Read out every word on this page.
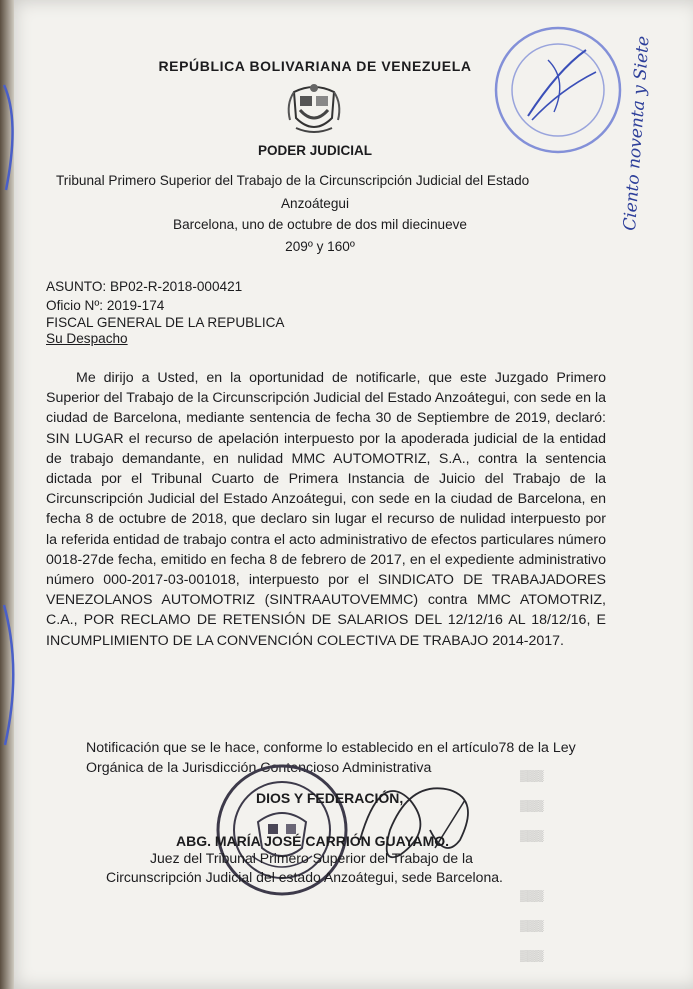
REPÚBLICA BOLIVARIANA DE VENEZUELA
PODER JUDICIAL
Tribunal Primero Superior del Trabajo de la Circunscripción Judicial del Estado
Anzoátegui
Barcelona, uno de octubre de dos mil diecinueve
209º y 160º
Ciento noventa y Siete
ASUNTO: BP02-R-2018-000421
Oficio Nº: 2019-174
FISCAL GENERAL DE LA REPUBLICA
Su Despacho
Me dirijo a Usted, en la oportunidad de notificarle, que este Juzgado Primero Superior del Trabajo de la Circunscripción Judicial del Estado Anzoátegui, con sede en la ciudad de Barcelona, mediante sentencia de fecha 30 de Septiembre de 2019, declaró: SIN LUGAR el recurso de apelación interpuesto por la apoderada judicial de la entidad de trabajo demandante, en nulidad MMC AUTOMOTRIZ, S.A., contra la sentencia dictada por el Tribunal Cuarto de Primera Instancia de Juicio del Trabajo de la Circunscripción Judicial del Estado Anzoátegui, con sede en la ciudad de Barcelona, en fecha 8 de octubre de 2018, que declaro sin lugar el recurso de nulidad interpuesto por la referida entidad de trabajo contra el acto administrativo de efectos particulares número 0018-27de fecha, emitido en fecha 8 de febrero de 2017, en el expediente administrativo número 000-2017-03-001018, interpuesto por el SINDICATO DE TRABAJADORES VENEZOLANOS AUTOMOTRIZ (SINTRAAUTOVEMMC) contra MMC ATOMOTRIZ, C.A., POR RECLAMO DE RETENSIÓN DE SALARIOS DEL 12/12/16 AL 18/12/16, E INCUMPLIMIENTO DE LA CONVENCIÓN COLECTIVA DE TRABAJO 2014-2017.
Notificación que se le hace, conforme lo establecido en el artículo78 de la Ley Orgánica de la Jurisdicción Contencioso Administrativa
DIOS Y FEDERACIÓN,
ABG. MARÍA JOSÉ CARRIÓN GUAYAMO.
Juez del Tribunal Primero Superior del Trabajo de la
Circunscripción Judicial del estado Anzoátegui, sede Barcelona.
▒▒▒
▒▒▒
▒▒▒
▒▒▒
▒▒▒
▒▒▒
